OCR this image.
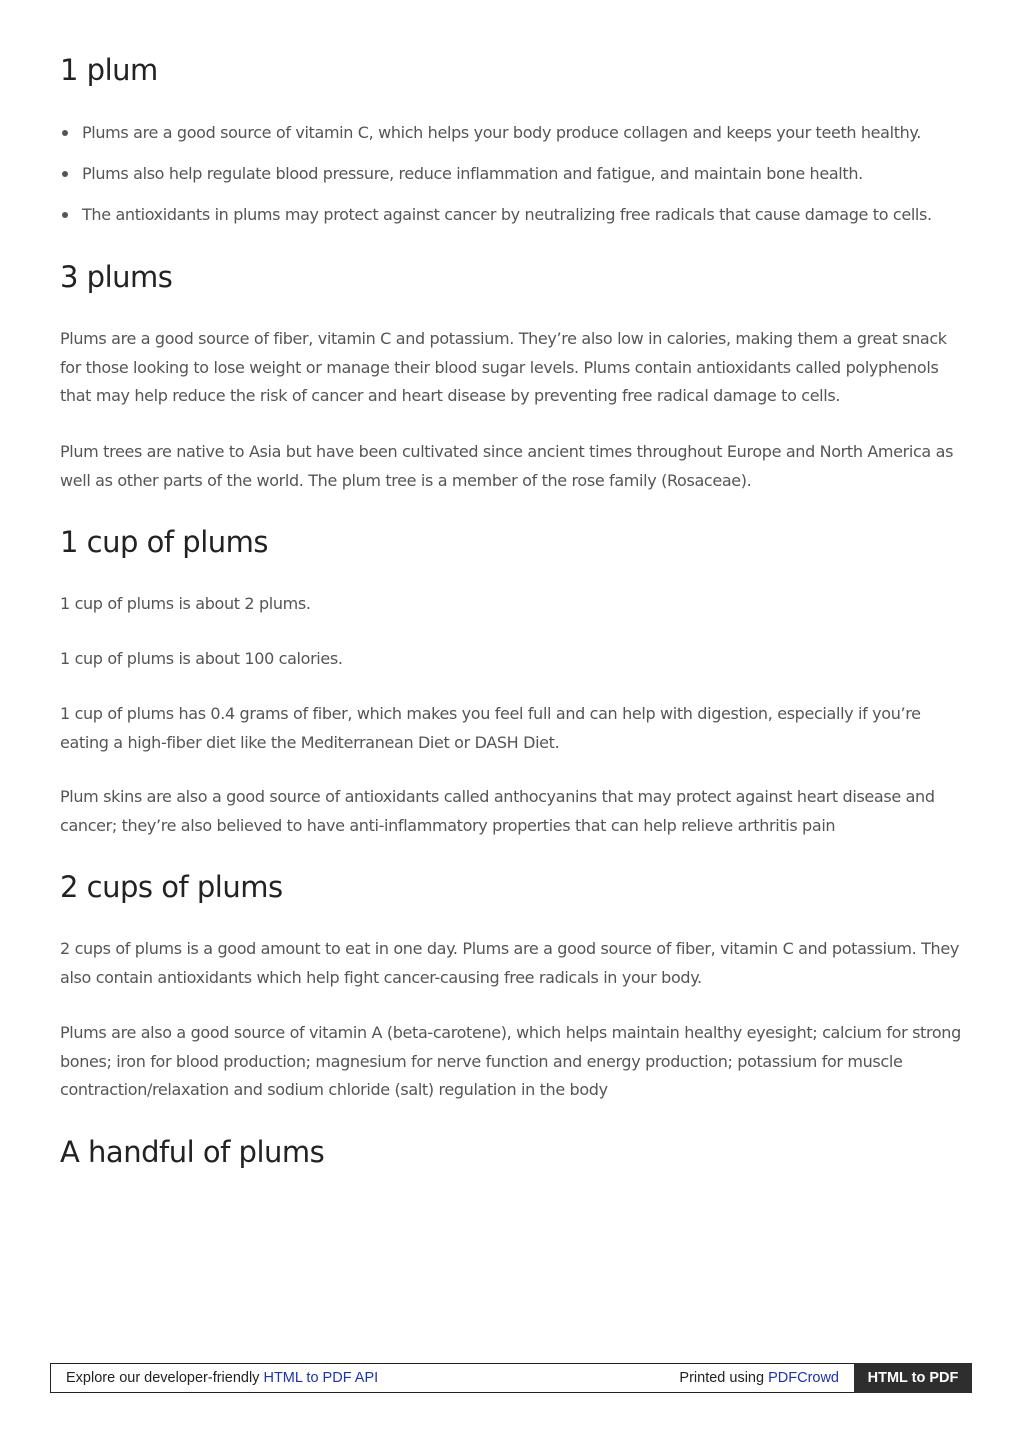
1 plum
Plums are a good source of vitamin C, which helps your body produce collagen and keeps your teeth healthy.
Plums also help regulate blood pressure, reduce inflammation and fatigue, and maintain bone health.
The antioxidants in plums may protect against cancer by neutralizing free radicals that cause damage to cells.
3 plums

Plums are a good source of fiber, vitamin C and potassium. They’re also low in calories, making them a great snack for those looking to lose weight or manage their blood sugar levels. Plums contain antioxidants called polyphenols that may help reduce the risk of cancer and heart disease by preventing free radical damage to cells.

Plum trees are native to Asia but have been cultivated since ancient times throughout Europe and North America as well as other parts of the world. The plum tree is a member of the rose family (Rosaceae).

1 cup of plums

1 cup of plums is about 2 plums.

1 cup of plums is about 100 calories.

1 cup of plums has 0.4 grams of fiber, which makes you feel full and can help with digestion, especially if you’re eating a high-fiber diet like the Mediterranean Diet or DASH Diet.

Plum skins are also a good source of antioxidants called anthocyanins that may protect against heart disease and cancer; they’re also believed to have anti-inflammatory properties that can help relieve arthritis pain

2 cups of plums

2 cups of plums is a good amount to eat in one day. Plums are a good source of fiber, vitamin C and potassium. They also contain antioxidants which help fight cancer-causing free radicals in your body.

Plums are also a good source of vitamin A (beta-carotene), which helps maintain healthy eyesight; calcium for strong bones; iron for blood production; magnesium for nerve function and energy production; potassium for muscle contraction/relaxation and sodium chloride (salt) regulation in the body

A handful of plums
Explore our developer-friendly HTML to PDF API	Printed using PDFCrowd	HTML to PDF
